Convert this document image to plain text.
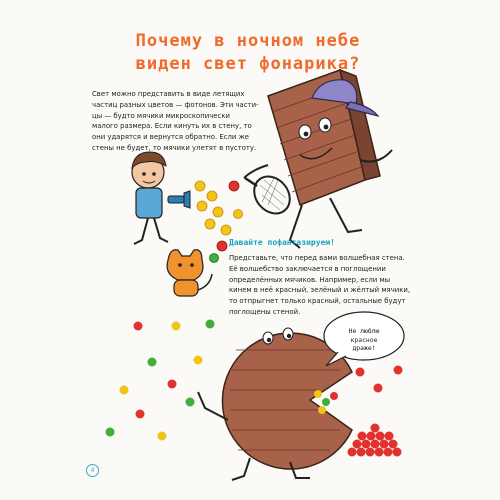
Почему в ночном небе
виден свет фонарика?

Свет можно представить в виде летящих
частиц разных цветов — фотонов. Эти части-
цы — будто мячики микроскопически
малого размера. Если кинуть их в стену, то
они ударятся и вернутся обратно. Если же
стены не будет, то мячики улетят в пустоту.

Давайте пофантазируем!

Представьте, что перед вами волшебная стена.
Её волшебство заключается в поглощении
определённых мячиков. Например, если мы
кинем в неё красный, зелёный и жёлтый мячики,
то отпрыгнет только красный, остальные будут
поглощены стеной.

Не люблю
красное
драже!
4
